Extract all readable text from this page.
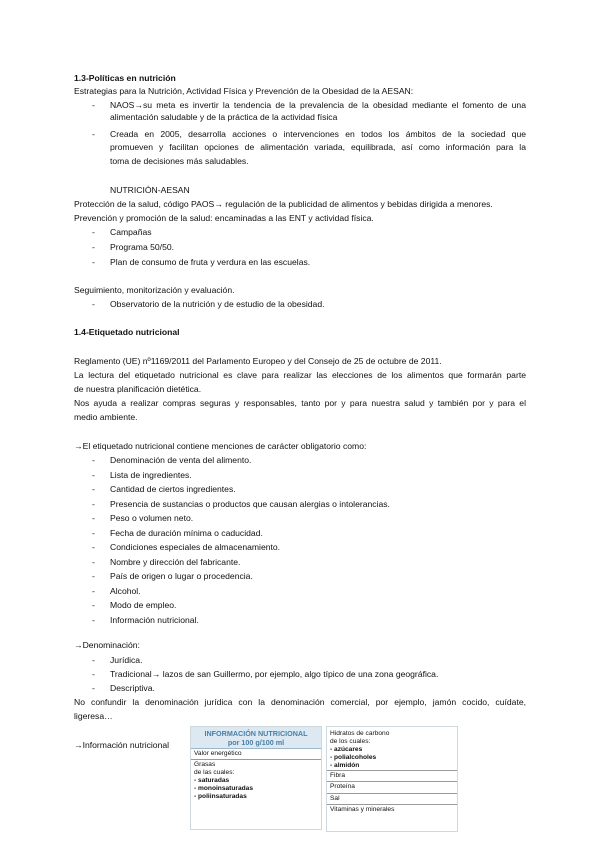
1.3-Políticas en nutrición
Estrategias para la Nutrición, Actividad Física y Prevención de la Obesidad de la AESAN:
- NAOS→su meta es invertir la tendencia de la prevalencia de la obesidad mediante el fomento de una
alimentación saludable y de la práctica de la actividad física
- Creada en 2005, desarrolla acciones o intervenciones en todos los ámbitos de la sociedad que
promueven y facilitan opciones de alimentación variada, equilibrada, así como información para la
toma de decisiones más saludables.
NUTRICIÓN-AESAN
Protección de la salud, código PAOS→ regulación de la publicidad de alimentos y bebidas dirigida a menores.
Prevención y promoción de la salud: encaminadas a las ENT y actividad física.
- Campañas
- Programa 50/50.
- Plan de consumo de fruta y verdura en las escuelas.
Seguimiento, monitorización y evaluación.
- Observatorio de la nutrición y de estudio de la obesidad.
1.4-Etiquetado nutricional
Reglamento (UE) nº1169/2011 del Parlamento Europeo y del Consejo de 25 de octubre de 2011.
La lectura del etiquetado nutricional es clave para realizar las elecciones de los alimentos que formarán parte
de nuestra planificación dietética.
Nos ayuda a realizar compras seguras y responsables, tanto por y para nuestra salud y también por y para el
medio ambiente.
→El etiquetado nutricional contiene menciones de carácter obligatorio como:
- Denominación de venta del alimento.
- Lista de ingredientes.
- Cantidad de ciertos ingredientes.
- Presencia de sustancias o productos que causan alergias o intolerancias.
- Peso o volumen neto.
- Fecha de duración mínima o caducidad.
- Condiciones especiales de almacenamiento.
- Nombre y dirección del fabricante.
- País de origen o lugar o procedencia.
- Alcohol.
- Modo de empleo.
- Información nutricional.
→Denominación:
- Jurídica.
- Tradicional→ lazos de san Guillermo, por ejemplo, algo típico de una zona geográfica.
- Descriptiva.
No confundir la denominación jurídica con la denominación comercial, por ejemplo, jamón cocido, cuídate,
ligeresa…
→Información nutricional
INFORMACIÓN NUTRICIONAL
por 100 g/100 ml
Valor energético
Grasas
de las cuales:
- saturadas
- monoinsaturadas
- poliinsaturadas
Hidratos de carbono
de los cuales:
- azúcares
- polialcoholes
- almidón
Fibra
Proteína
Sal
Vitaminas y minerales
